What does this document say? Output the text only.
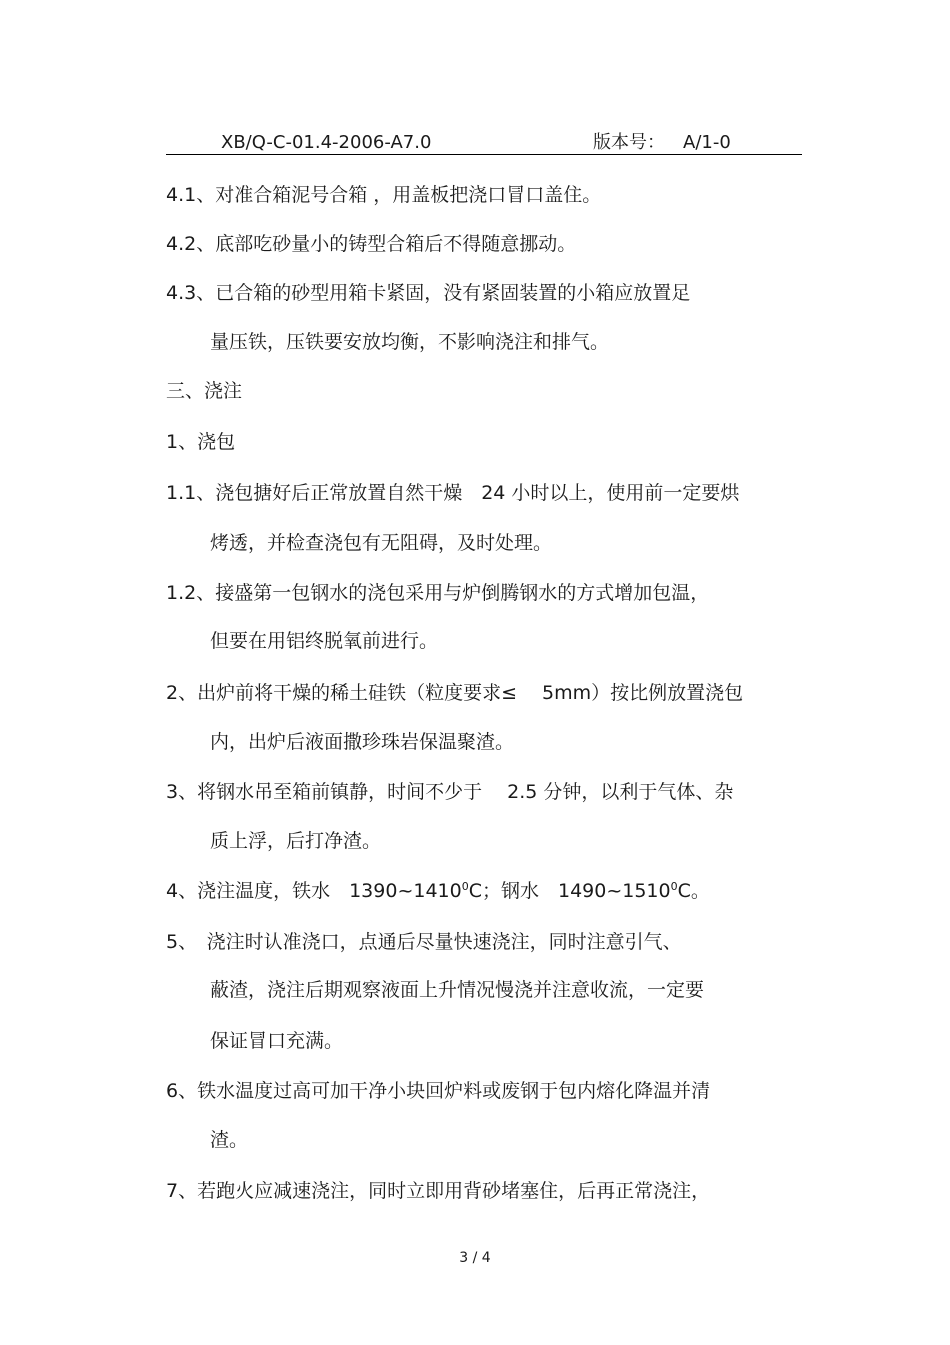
XB/Q-C-01.4-2006-A7.0	版本号： A/1-0
4.1、对准合箱泥号合箱 ，用盖板把浇口冒口盖住。
4.2、底部吃砂量小的铸型合箱后不得随意挪动。
4.3、已合箱的砂型用箱卡紧固，没有紧固装置的小箱应放置足
量压铁，压铁要安放均衡，不影响浇注和排气。
三、浇注
1、浇包
1.1、浇包搪好后正常放置自然干燥　24 小时以上，使用前一定要烘
烤透，并检查浇包有无阻碍，及时处理。
1.2、接盛第一包钢水的浇包采用与炉倒腾钢水的方式增加包温，
但要在用铝终脱氧前进行。
2、出炉前将干燥的稀土硅铁（粒度要求≤　 5mm）按比例放置浇包
内，出炉后液面撒珍珠岩保温聚渣。
3、将钢水吊至箱前镇静，时间不少于　 2.5 分钟，以利于气体、杂
质上浮，后打净渣。
4、浇注温度，铁水　1390~1410$^0$C；钢水　1490~1510$^0$C。
5、　浇注时认准浇口，点通后尽量快速浇注，同时注意引气、
蔽渣，浇注后期观察液面上升情况慢浇并注意收流，一定要
保证冒口充满。
6、铁水温度过高可加干净小块回炉料或废钢于包内熔化降温并清
渣。
7、若跑火应减速浇注，同时立即用背砂堵塞住，后再正常浇注，
3 / 4
